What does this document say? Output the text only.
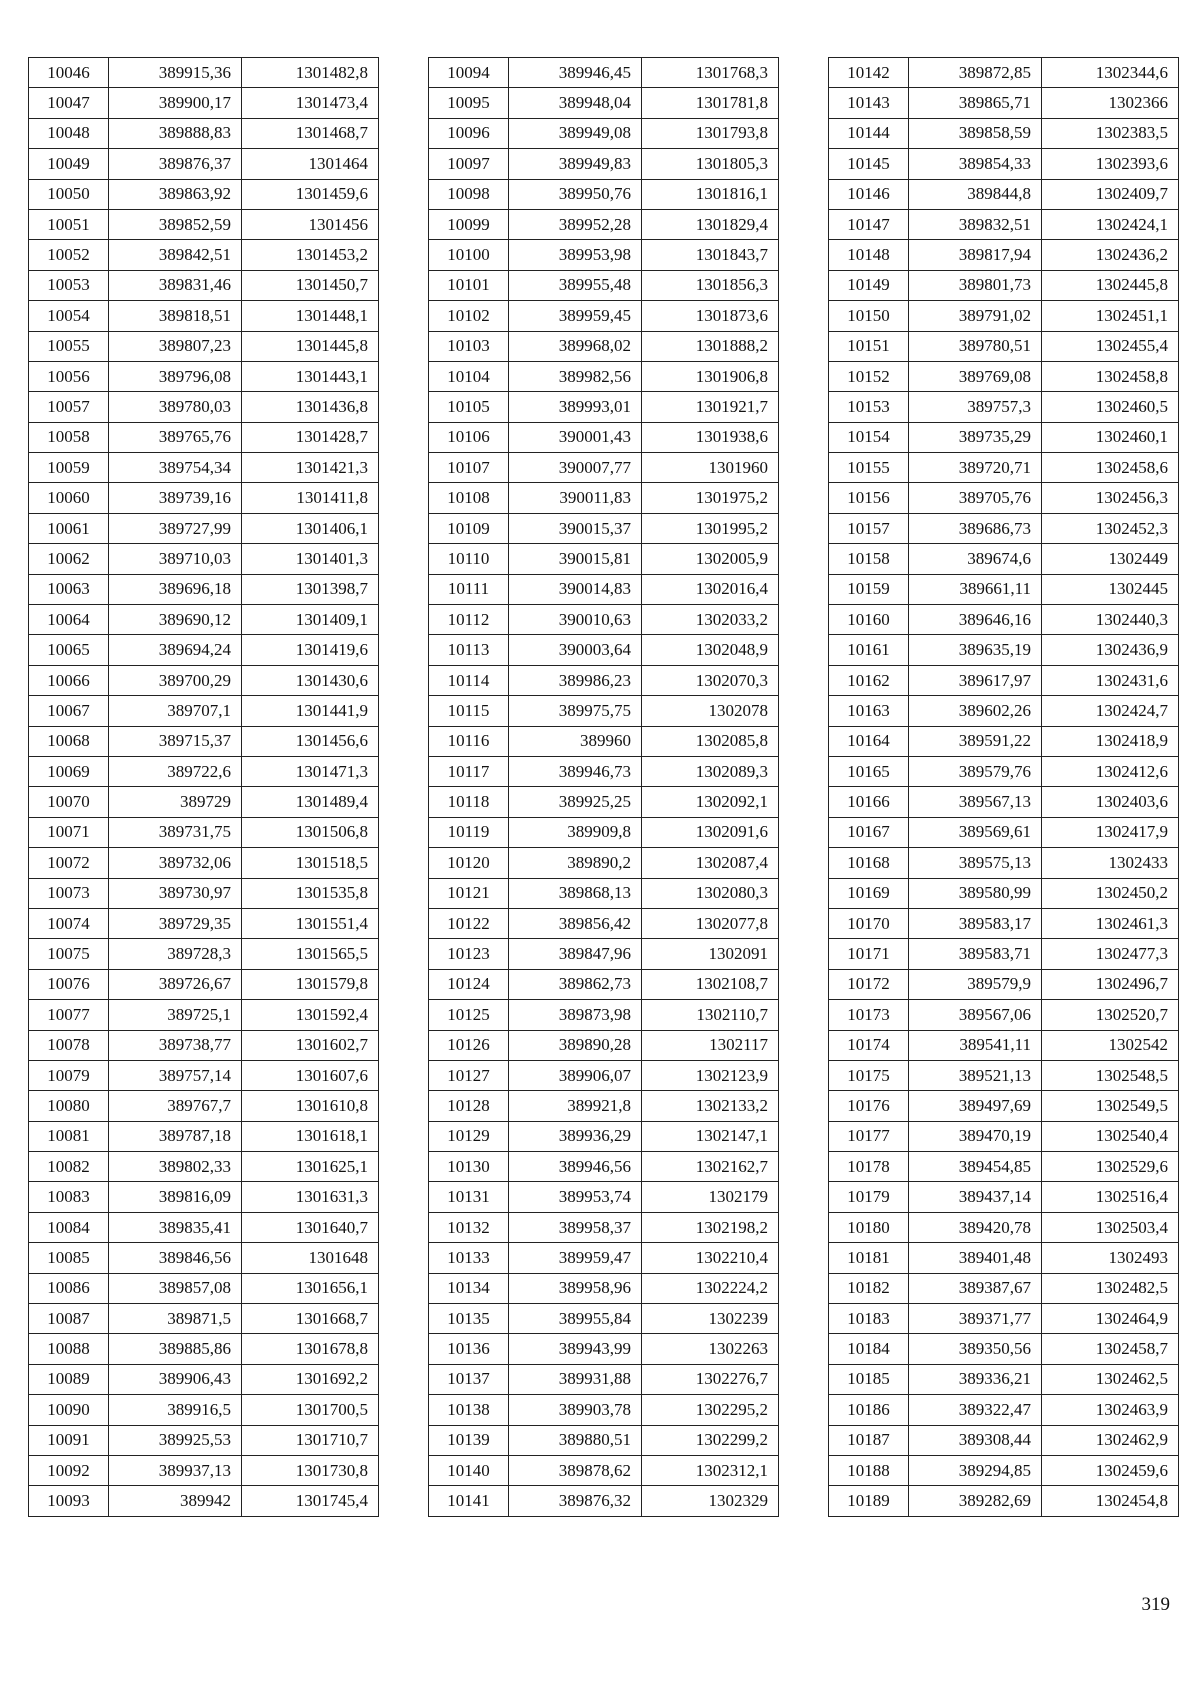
10046	389915,36	1301482,8
10047	389900,17	1301473,4
10048	389888,83	1301468,7
10049	389876,37	1301464
10050	389863,92	1301459,6
10051	389852,59	1301456
10052	389842,51	1301453,2
10053	389831,46	1301450,7
10054	389818,51	1301448,1
10055	389807,23	1301445,8
10056	389796,08	1301443,1
10057	389780,03	1301436,8
10058	389765,76	1301428,7
10059	389754,34	1301421,3
10060	389739,16	1301411,8
10061	389727,99	1301406,1
10062	389710,03	1301401,3
10063	389696,18	1301398,7
10064	389690,12	1301409,1
10065	389694,24	1301419,6
10066	389700,29	1301430,6
10067	389707,1	1301441,9
10068	389715,37	1301456,6
10069	389722,6	1301471,3
10070	389729	1301489,4
10071	389731,75	1301506,8
10072	389732,06	1301518,5
10073	389730,97	1301535,8
10074	389729,35	1301551,4
10075	389728,3	1301565,5
10076	389726,67	1301579,8
10077	389725,1	1301592,4
10078	389738,77	1301602,7
10079	389757,14	1301607,6
10080	389767,7	1301610,8
10081	389787,18	1301618,1
10082	389802,33	1301625,1
10083	389816,09	1301631,3
10084	389835,41	1301640,7
10085	389846,56	1301648
10086	389857,08	1301656,1
10087	389871,5	1301668,7
10088	389885,86	1301678,8
10089	389906,43	1301692,2
10090	389916,5	1301700,5
10091	389925,53	1301710,7
10092	389937,13	1301730,8
10093	389942	1301745,4
10094	389946,45	1301768,3
10095	389948,04	1301781,8
10096	389949,08	1301793,8
10097	389949,83	1301805,3
10098	389950,76	1301816,1
10099	389952,28	1301829,4
10100	389953,98	1301843,7
10101	389955,48	1301856,3
10102	389959,45	1301873,6
10103	389968,02	1301888,2
10104	389982,56	1301906,8
10105	389993,01	1301921,7
10106	390001,43	1301938,6
10107	390007,77	1301960
10108	390011,83	1301975,2
10109	390015,37	1301995,2
10110	390015,81	1302005,9
10111	390014,83	1302016,4
10112	390010,63	1302033,2
10113	390003,64	1302048,9
10114	389986,23	1302070,3
10115	389975,75	1302078
10116	389960	1302085,8
10117	389946,73	1302089,3
10118	389925,25	1302092,1
10119	389909,8	1302091,6
10120	389890,2	1302087,4
10121	389868,13	1302080,3
10122	389856,42	1302077,8
10123	389847,96	1302091
10124	389862,73	1302108,7
10125	389873,98	1302110,7
10126	389890,28	1302117
10127	389906,07	1302123,9
10128	389921,8	1302133,2
10129	389936,29	1302147,1
10130	389946,56	1302162,7
10131	389953,74	1302179
10132	389958,37	1302198,2
10133	389959,47	1302210,4
10134	389958,96	1302224,2
10135	389955,84	1302239
10136	389943,99	1302263
10137	389931,88	1302276,7
10138	389903,78	1302295,2
10139	389880,51	1302299,2
10140	389878,62	1302312,1
10141	389876,32	1302329
10142	389872,85	1302344,6
10143	389865,71	1302366
10144	389858,59	1302383,5
10145	389854,33	1302393,6
10146	389844,8	1302409,7
10147	389832,51	1302424,1
10148	389817,94	1302436,2
10149	389801,73	1302445,8
10150	389791,02	1302451,1
10151	389780,51	1302455,4
10152	389769,08	1302458,8
10153	389757,3	1302460,5
10154	389735,29	1302460,1
10155	389720,71	1302458,6
10156	389705,76	1302456,3
10157	389686,73	1302452,3
10158	389674,6	1302449
10159	389661,11	1302445
10160	389646,16	1302440,3
10161	389635,19	1302436,9
10162	389617,97	1302431,6
10163	389602,26	1302424,7
10164	389591,22	1302418,9
10165	389579,76	1302412,6
10166	389567,13	1302403,6
10167	389569,61	1302417,9
10168	389575,13	1302433
10169	389580,99	1302450,2
10170	389583,17	1302461,3
10171	389583,71	1302477,3
10172	389579,9	1302496,7
10173	389567,06	1302520,7
10174	389541,11	1302542
10175	389521,13	1302548,5
10176	389497,69	1302549,5
10177	389470,19	1302540,4
10178	389454,85	1302529,6
10179	389437,14	1302516,4
10180	389420,78	1302503,4
10181	389401,48	1302493
10182	389387,67	1302482,5
10183	389371,77	1302464,9
10184	389350,56	1302458,7
10185	389336,21	1302462,5
10186	389322,47	1302463,9
10187	389308,44	1302462,9
10188	389294,85	1302459,6
10189	389282,69	1302454,8
319
